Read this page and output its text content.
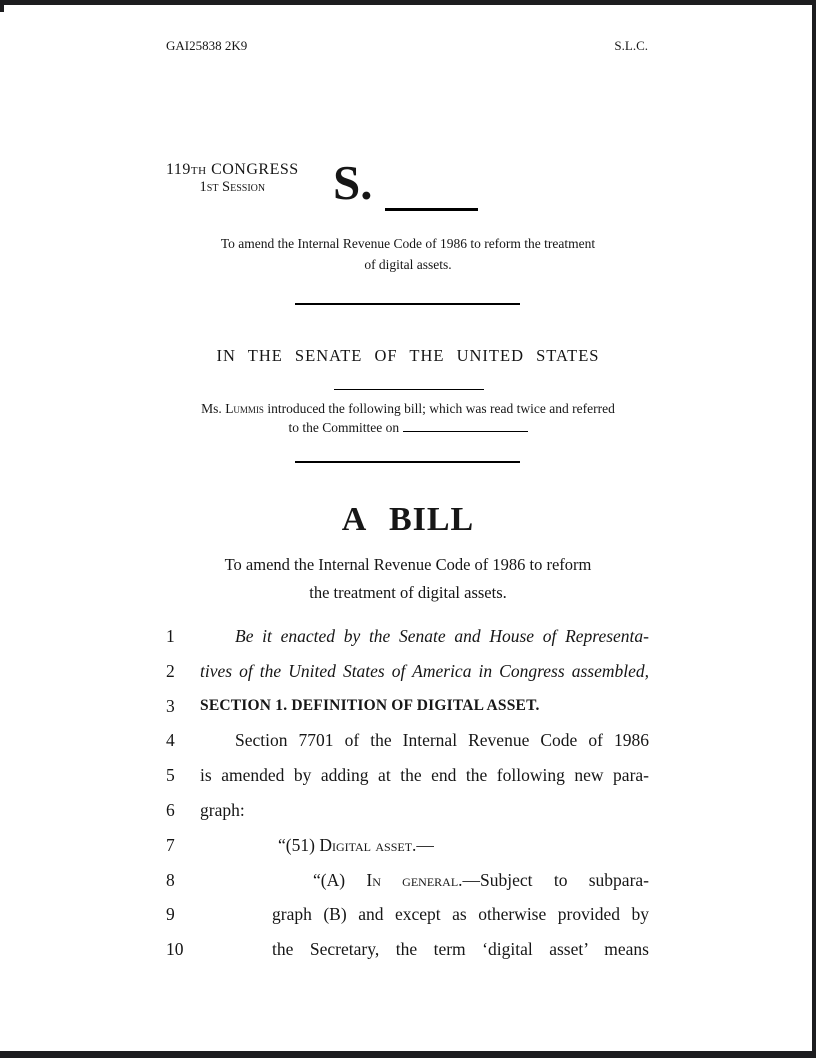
GAI25838 2K9	S.L.C.
119th CONGRESS
1st Session	S.
To amend the Internal Revenue Code of 1986 to reform the treatment
of digital assets.
IN THE SENATE OF THE UNITED STATES
Ms. Lummis introduced the following bill; which was read twice and referred
to the Committee on
A BILL
To amend the Internal Revenue Code of 1986 to reform
the treatment of digital assets.
1	Be it enacted by the Senate and House of Representa-
2	tives of the United States of America in Congress assembled,
3	SECTION 1. DEFINITION OF DIGITAL ASSET.
4	Section 7701 of the Internal Revenue Code of 1986
5	is amended by adding at the end the following new para-
6	graph:
7	“(51) Digital asset.—
8	“(A) In general.—Subject to subpara-
9	graph (B) and except as otherwise provided by
10	the Secretary, the term ‘digital asset’ means
